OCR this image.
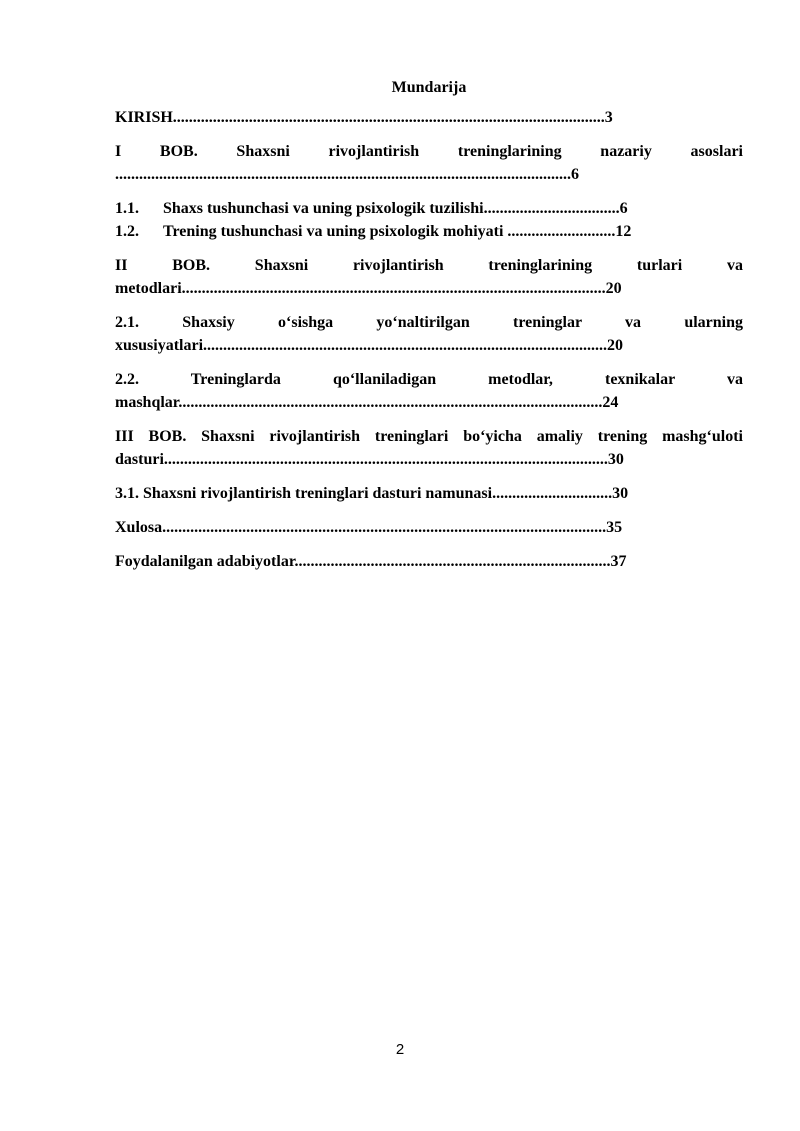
Mundarija

KIRISH............................................................................................................3

I BOB. Shaxsni rivojlantirish treninglarining nazariy asoslari ..................................................................................................................6

1.1.	Shaxs tushunchasi va uning psixologik tuzilishi..................................6
1.2.	Trening tushunchasi va uning psixologik mohiyati ...........................12

II BOB. Shaxsni rivojlantirish treninglarining turlari va metodlari..........................................................................................................20

2.1. Shaxsiy o‘sishga yo‘naltirilgan treninglar va ularning xususiyatlari.....................................................................................................20

2.2. Treninglarda qo‘llaniladigan metodlar, texnikalar va mashqlar..........................................................................................................24

III BOB. Shaxsni rivojlantirish treninglari bo‘yicha amaliy trening mashg‘uloti dasturi...............................................................................................................30

3.1. Shaxsni rivojlantirish treninglari dasturi namunasi..............................30

Xulosa...............................................................................................................35

Foydalanilgan adabiyotlar...............................................................................37

2
